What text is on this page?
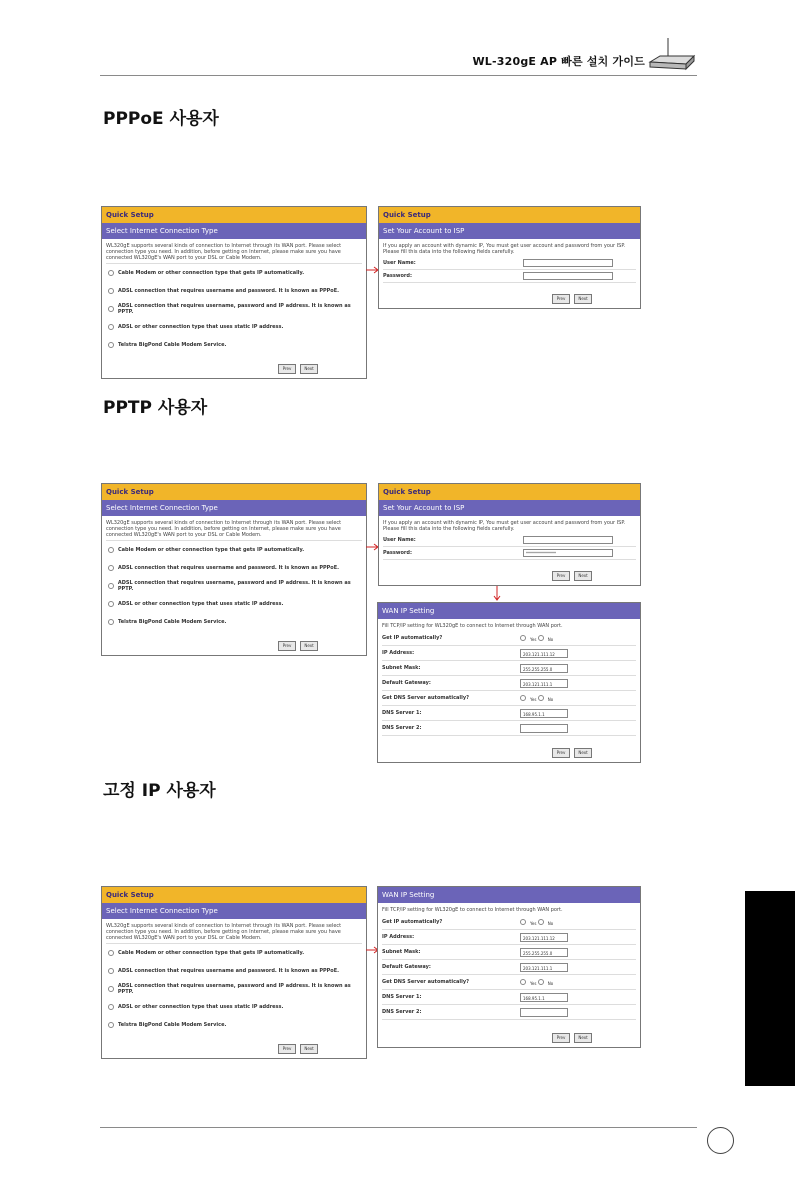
WL-320gE AP 빠른 설치 가이드
PPPoE 사용자
PPTP 사용자
고정 IP 사용자
Quick Setup
Select Internet Connection Type
WL320gE supports several kinds of connection to Internet through its WAN port. Please select connection type you need. In addition, before getting on Internet, please make sure you have connected WL320gE's WAN port to your DSL or Cable Modem.
Cable Modem or other connection type that gets IP automatically.
ADSL connection that requires username and password. It is known as PPPoE.
ADSL connection that requires username, password and IP address. It is known as PPTP.
ADSL or other connection type that uses static IP address.
Telstra BigPond Cable Modem Service.
Prev	Next
Quick Setup
Set Your Account to ISP
If you apply an account with dynamic IP, You must get user account and password from your ISP. Please fill this data into the following fields carefully.
User Name:
Password:
Prev	Next
Quick Setup
Select Internet Connection Type
WL320gE supports several kinds of connection to Internet through its WAN port. Please select connection type you need. In addition, before getting on Internet, please make sure you have connected WL320gE's WAN port to your DSL or Cable Modem.
Cable Modem or other connection type that gets IP automatically.
ADSL connection that requires username and password. It is known as PPPoE.
ADSL connection that requires username, password and IP address. It is known as PPTP.
ADSL or other connection type that uses static IP address.
Telstra BigPond Cable Modem Service.
Prev	Next
Quick Setup
Set Your Account to ISP
If you apply an account with dynamic IP, You must get user account and password from your ISP. Please fill this data into the following fields carefully.
User Name:
Password:	***************
Prev	Next
WAN IP Setting
Fill TCP/IP setting for WL320gE to connect to Internet through WAN port.
Get IP automatically?	Yes	No
IP Address:	203.121.111.12
Subnet Mask:	255.255.255.0
Default Gateway:	203.121.111.1
Get DNS Server automatically?	Yes	No
DNS Server 1:	168.95.1.1
DNS Server 2:
Prev	Next
Quick Setup
Select Internet Connection Type
WL320gE supports several kinds of connection to Internet through its WAN port. Please select connection type you need. In addition, before getting on Internet, please make sure you have connected WL320gE's WAN port to your DSL or Cable Modem.
Cable Modem or other connection type that gets IP automatically.
ADSL connection that requires username and password. It is known as PPPoE.
ADSL connection that requires username, password and IP address. It is known as PPTP.
ADSL or other connection type that uses static IP address.
Telstra BigPond Cable Modem Service.
Prev	Next
WAN IP Setting
Fill TCP/IP setting for WL320gE to connect to Internet through WAN port.
Get IP automatically?	Yes	No
IP Address:	203.121.111.12
Subnet Mask:	255.255.255.0
Default Gateway:	203.121.111.1
Get DNS Server automatically?	Yes	No
DNS Server 1:	168.95.1.1
DNS Server 2:
Prev	Next
